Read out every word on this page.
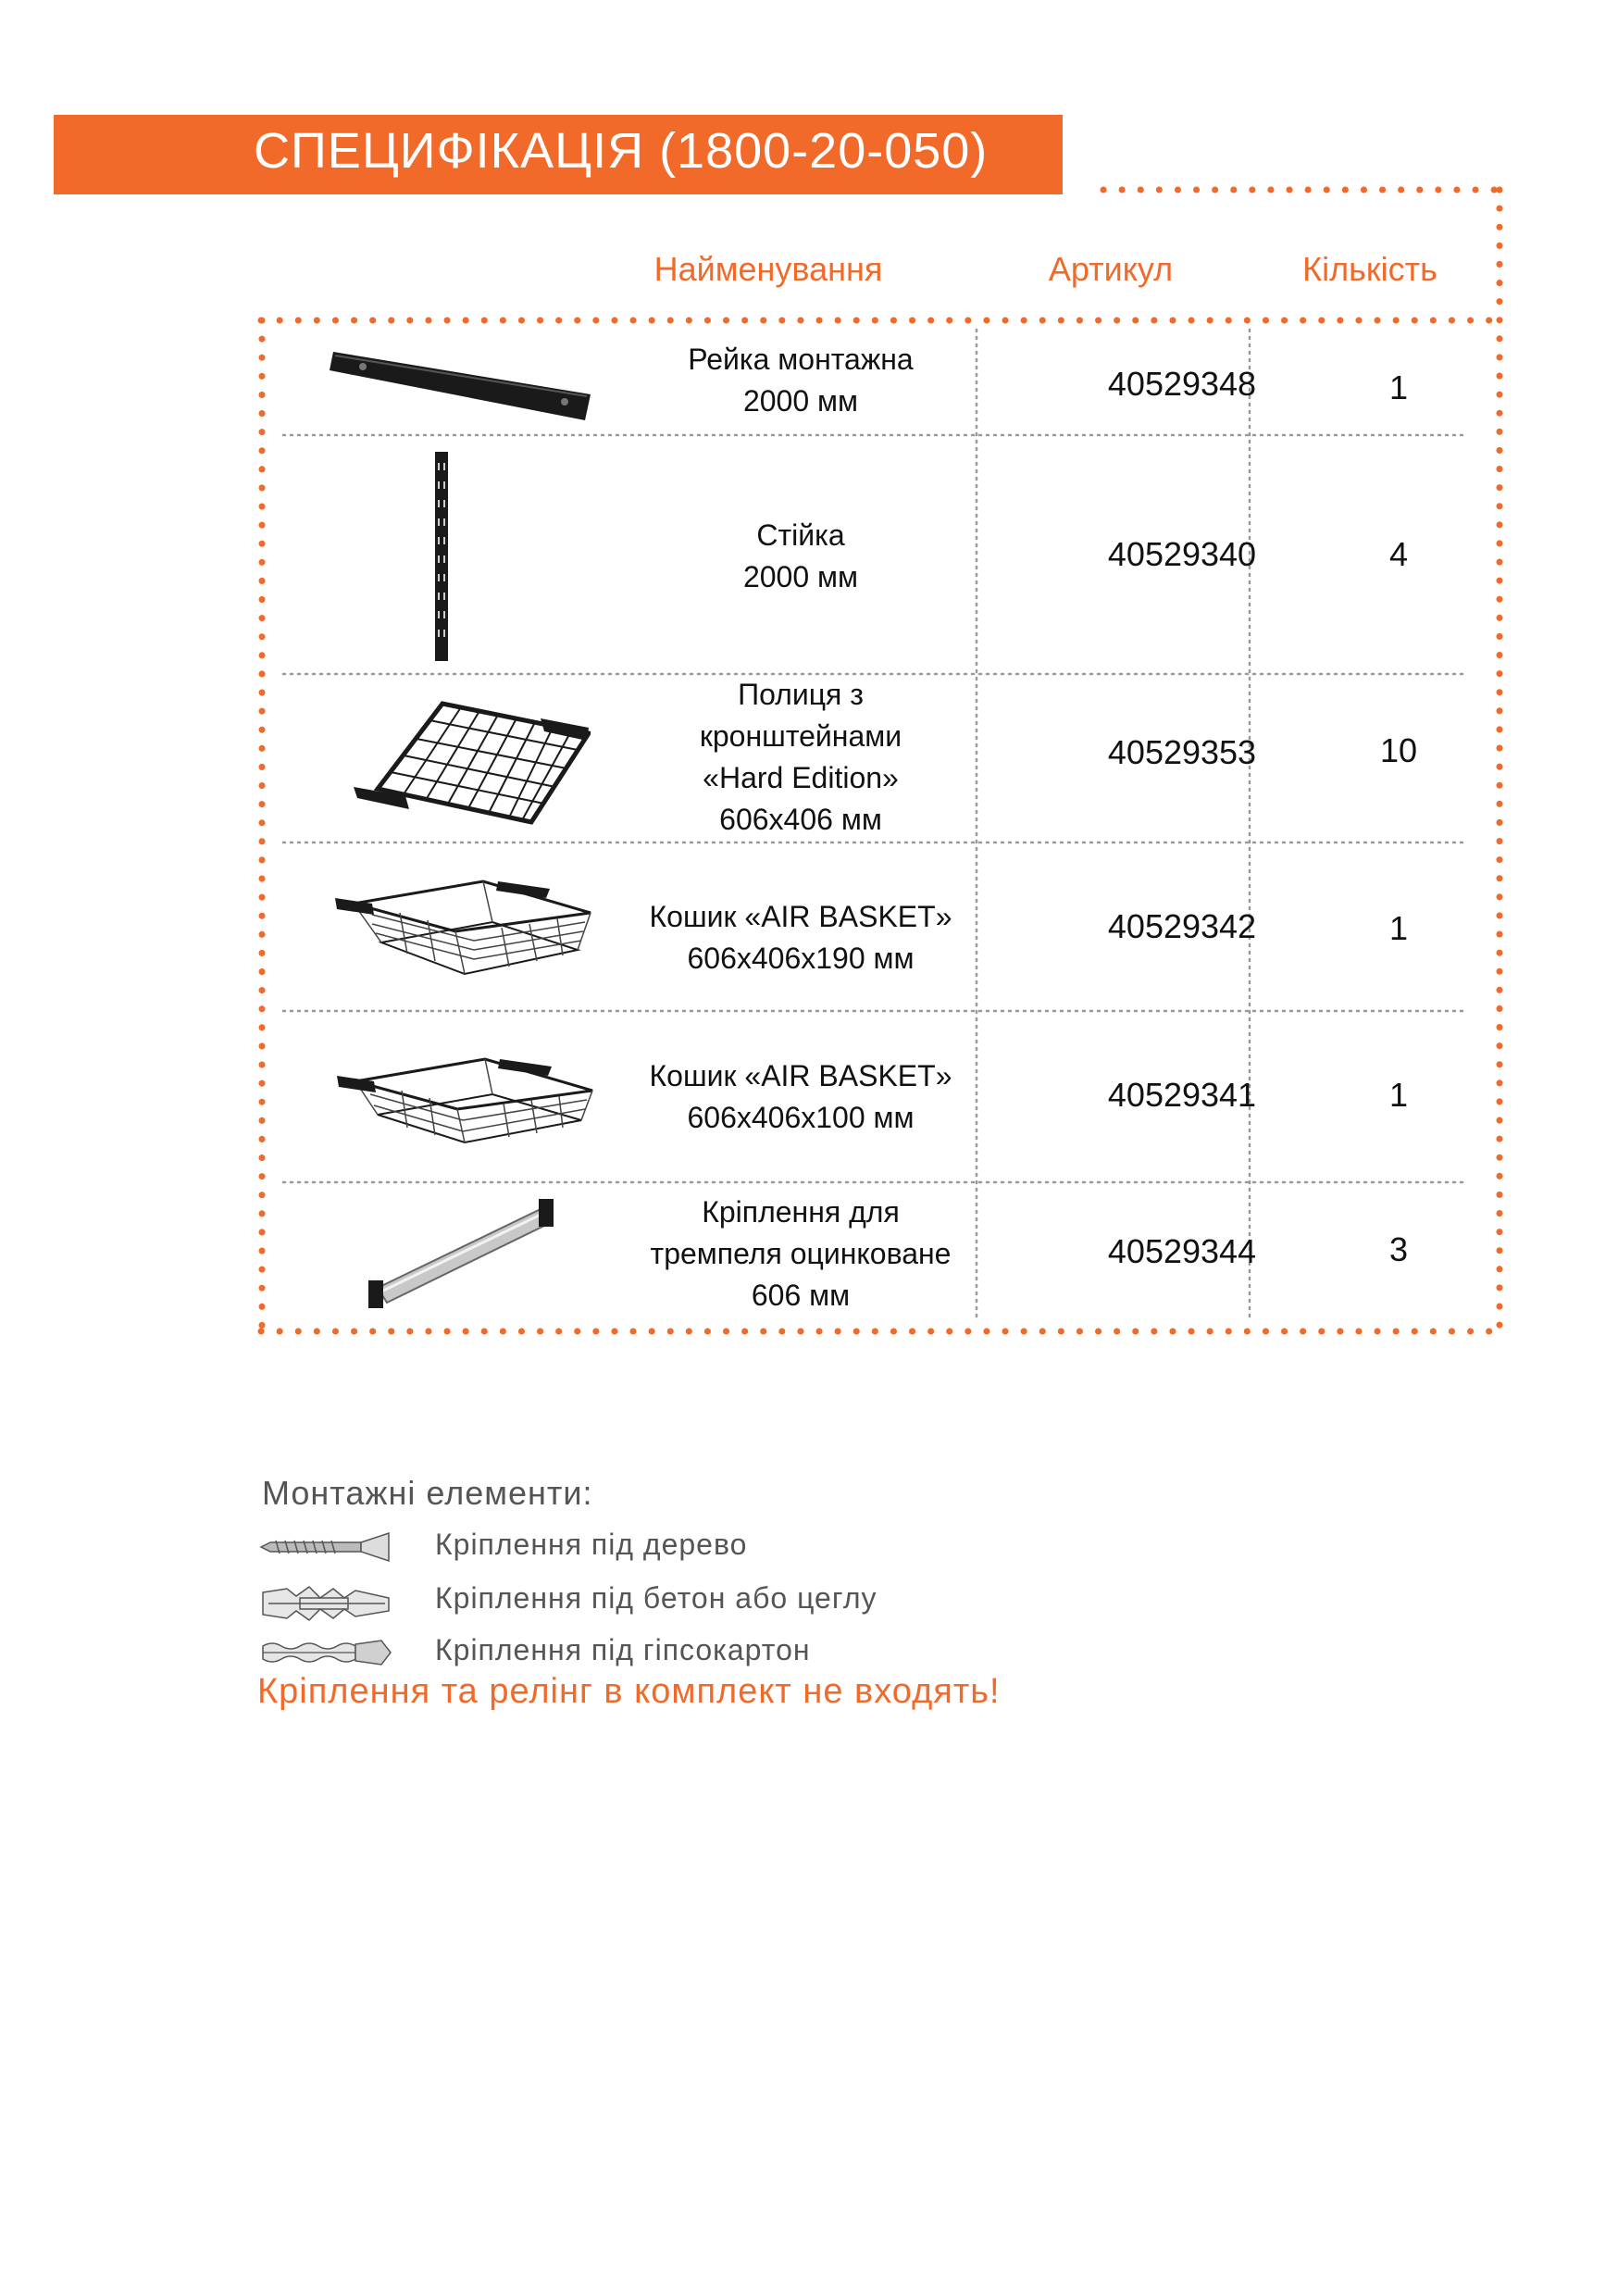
СПЕЦИФІКАЦІЯ (1800-20-050)
Найменування	Артикул	Кількість
Рейка монтажна
2000 мм	40529348	1
Стійка
2000 мм
40529340	4
Полиця з
кронштейнами
«Hard Edition»
606x406 мм
40529353	10
Кошик «AIR BASKET»
606x406x190 мм
40529342	1
Кошик «AIR BASKET»
606x406x100 мм
40529341	1
Кріплення для
тремпеля оцинковане
606 мм
40529344	3
Монтажні елементи:
Кріплення під дерево
Кріплення під бетон або цеглу
Кріплення під гіпсокартон
Кріплення та релінг в комплект не входять!
